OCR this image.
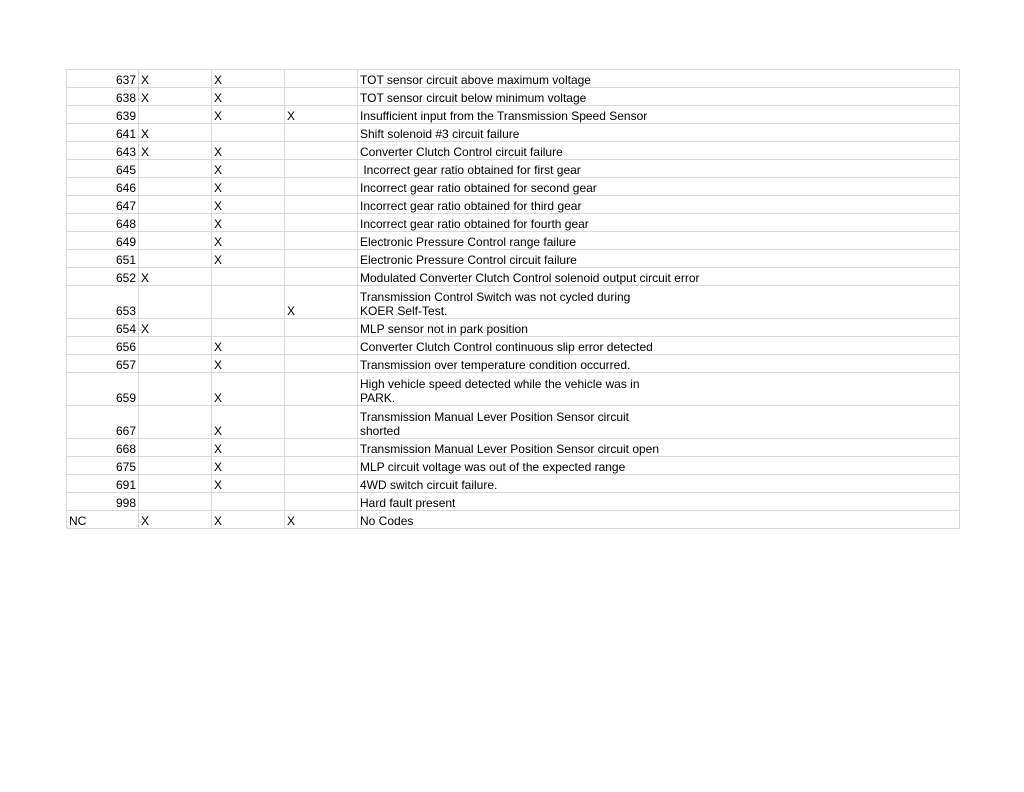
637	X	X		TOT sensor circuit above maximum voltage
638	X	X		TOT sensor circuit below minimum voltage
639		X	X	Insufficient input from the Transmission Speed Sensor
641	X			Shift solenoid #3 circuit failure
643	X	X		Converter Clutch Control circuit failure
645		X		Incorrect gear ratio obtained for first gear
646		X		Incorrect gear ratio obtained for second gear
647		X		Incorrect gear ratio obtained for third gear
648		X		Incorrect gear ratio obtained for fourth gear
649		X		Electronic Pressure Control range failure
651		X		Electronic Pressure Control circuit failure
652	X			Modulated Converter Clutch Control solenoid output circuit error
653			X	Transmission Control Switch was not cycled during
KOER Self-Test.
654	X			MLP sensor not in park position
656		X		Converter Clutch Control continuous slip error detected
657		X		Transmission over temperature condition occurred.
659		X		High vehicle speed detected while the vehicle was in
PARK.
667		X		Transmission Manual Lever Position Sensor circuit
shorted
668		X		Transmission Manual Lever Position Sensor circuit open
675		X		MLP circuit voltage was out of the expected range
691		X		4WD switch circuit failure.
998				Hard fault present
NC	X	X	X	No Codes
